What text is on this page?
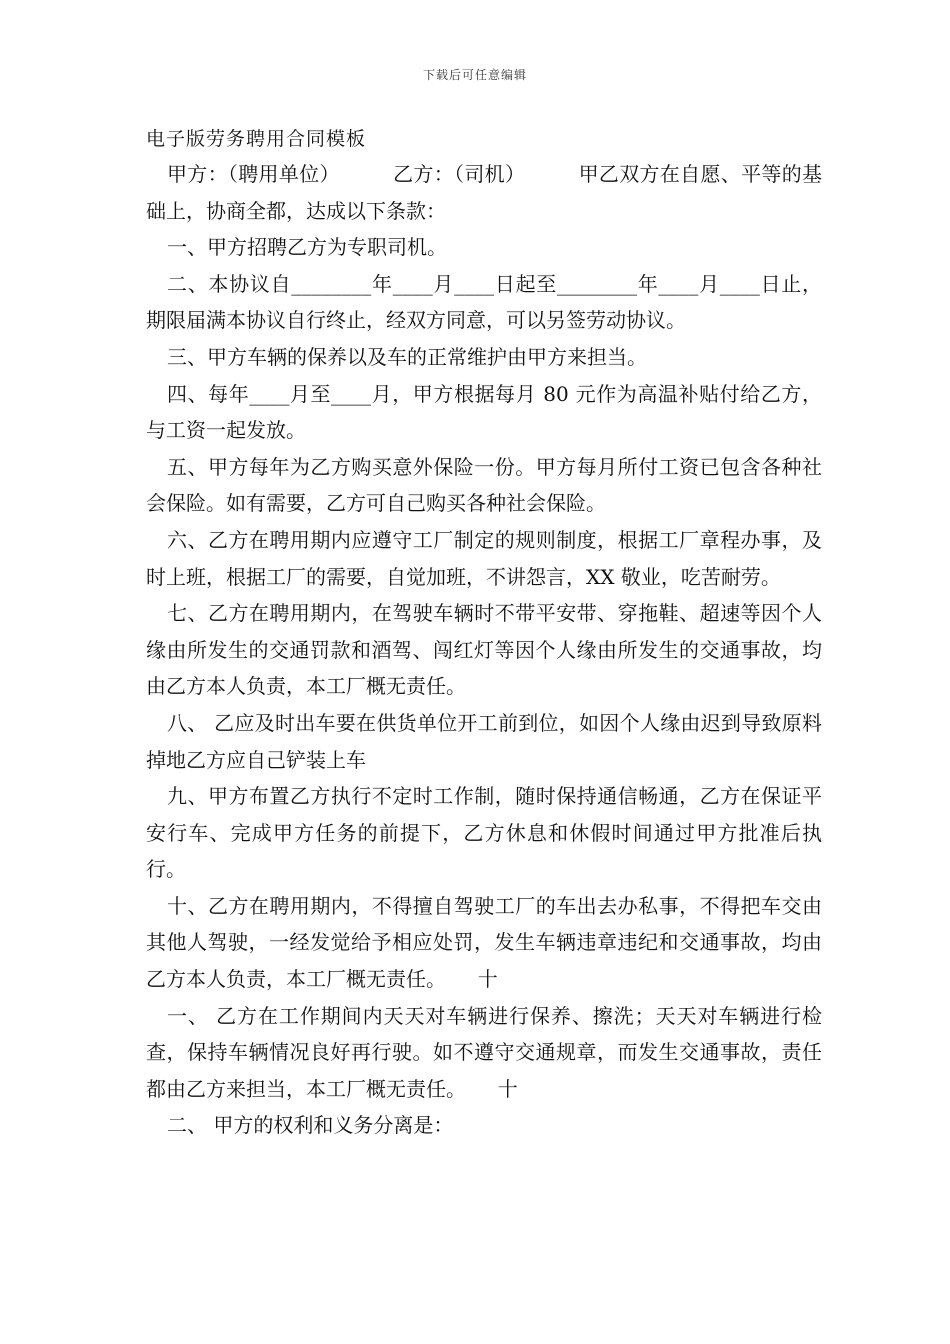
下载后可任意编辑
电子版劳务聘用合同模板

甲方：（聘用单位）        乙方：（司机）        甲乙双方在自愿、平等的基础上，协商全都，达成以下条款：

一、甲方招聘乙方为专职司机。

二、本协议自________年____月____日起至________年____月____日止，期限届满本协议自行终止，经双方同意，可以另签劳动协议。

三、甲方车辆的保养以及车的正常维护由甲方来担当。

四、每年____月至____月，甲方根据每月 80 元作为高温补贴付给乙方，与工资一起发放。

五、甲方每年为乙方购买意外保险一份。甲方每月所付工资已包含各种社会保险。如有需要，乙方可自己购买各种社会保险。

六、乙方在聘用期内应遵守工厂制定的规则制度，根据工厂章程办事，及时上班，根据工厂的需要，自觉加班，不讲怨言，XX 敬业，吃苦耐劳。

七、乙方在聘用期内，在驾驶车辆时不带平安带、穿拖鞋、超速等因个人缘由所发生的交通罚款和酒驾、闯红灯等因个人缘由所发生的交通事故，均由乙方本人负责，本工厂概无责任。

八、 乙应及时出车要在供货单位开工前到位，如因个人缘由迟到导致原料掉地乙方应自己铲装上车

九、甲方布置乙方执行不定时工作制，随时保持通信畅通，乙方在保证平安行车、完成甲方任务的前提下，乙方休息和休假时间通过甲方批准后执行。

十、乙方在聘用期内，不得擅自驾驶工厂的车出去办私事，不得把车交由其他人驾驶，一经发觉给予相应处罚，发生车辆违章违纪和交通事故，均由乙方本人负责，本工厂概无责任。     十

一、 乙方在工作期间内天天对车辆进行保养、擦洗；天天对车辆进行检查，保持车辆情况良好再行驶。如不遵守交通规章，而发生交通事故，责任都由乙方来担当，本工厂概无责任。     十

二、 甲方的权利和义务分离是：
